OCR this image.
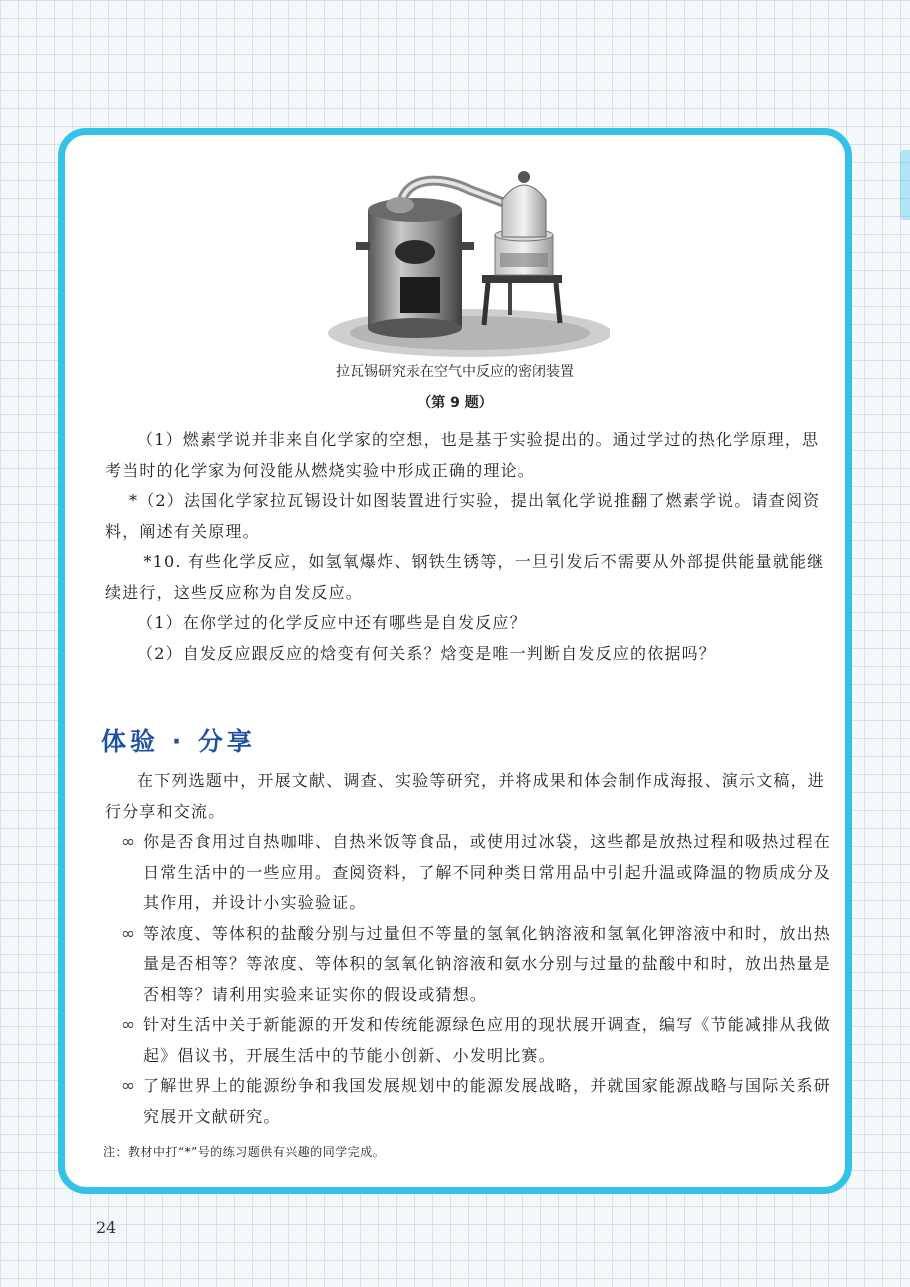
拉瓦锡研究汞在空气中反应的密闭装置
（第 9 题）

（1）燃素学说并非来自化学家的空想，也是基于实验提出的。通过学过的热化学原理，思考当时的化学家为何没能从燃烧实验中形成正确的理论。

*（2）法国化学家拉瓦锡设计如图装置进行实验，提出氧化学说推翻了燃素学说。请查阅资料，阐述有关原理。

*10. 有些化学反应，如氢氧爆炸、钢铁生锈等，一旦引发后不需要从外部提供能量就能继续进行，这些反应称为自发反应。

（1）在你学过的化学反应中还有哪些是自发反应？

（2）自发反应跟反应的焓变有何关系？焓变是唯一判断自发反应的依据吗？

体验 · 分享

在下列选题中，开展文献、调查、实验等研究，并将成果和体会制作成海报、演示文稿，进行分享和交流。

∞ 你是否食用过自热咖啡、自热米饭等食品，或使用过冰袋，这些都是放热过程和吸热过程在日常生活中的一些应用。查阅资料，了解不同种类日常用品中引起升温或降温的物质成分及其作用，并设计小实验验证。

∞ 等浓度、等体积的盐酸分别与过量但不等量的氢氧化钠溶液和氢氧化钾溶液中和时，放出热量是否相等？等浓度、等体积的氢氧化钠溶液和氨水分别与过量的盐酸中和时，放出热量是否相等？请利用实验来证实你的假设或猜想。

∞ 针对生活中关于新能源的开发和传统能源绿色应用的现状展开调查，编写《节能减排从我做起》倡议书，开展生活中的节能小创新、小发明比赛。

∞ 了解世界上的能源纷争和我国发展规划中的能源发展战略，并就国家能源战略与国际关系研究展开文献研究。

注：教材中打“*”号的练习题供有兴趣的同学完成。
24
